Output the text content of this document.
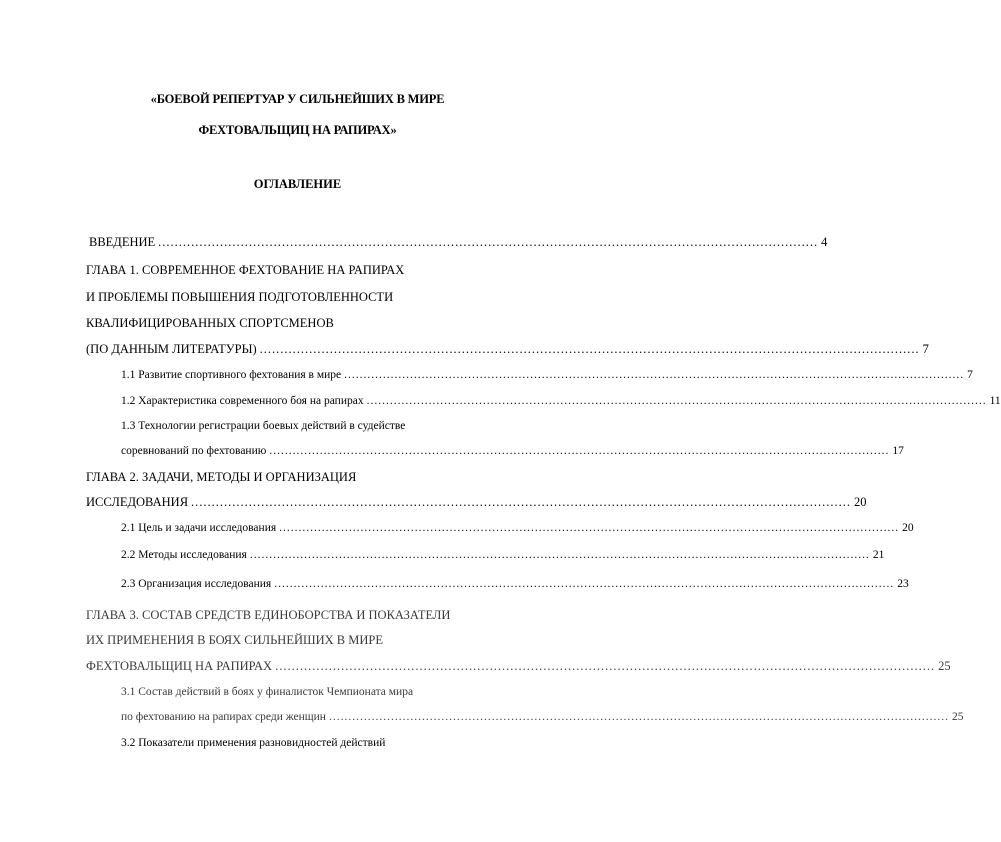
«БОЕВОЙ РЕПЕРТУАР У СИЛЬНЕЙШИХ В МИРЕ
ФЕХТОВАЛЬЩИЦ НА РАПИРАХ»
ОГЛАВЛЕНИЕ
ВВЕДЕНИЕ ................................................................................................................................................................ 4
ГЛАВА 1. СОВРЕМЕННОЕ ФЕХТОВАНИЕ НА РАПИРАХ
И ПРОБЛЕМЫ ПОВЫШЕНИЯ ПОДГОТОВЛЕННОСТИ
КВАЛИФИЦИРОВАННЫХ СПОРТСМЕНОВ
(ПО ДАННЫМ ЛИТЕРАТУРЫ) ................................................................................................................................................................ 7
1.1 Развитие спортивного фехтования в мире ................................................................................................................................................................ 7
1.2 Характеристика современного боя на рапирах ................................................................................................................................................................ 11
1.3 Технологии регистрации боевых действий в судействе
соревнований по фехтованию ................................................................................................................................................................ 17
ГЛАВА 2. ЗАДАЧИ, МЕТОДЫ И ОРГАНИЗАЦИЯ
ИССЛЕДОВАНИЯ ................................................................................................................................................................ 20
2.1 Цель и задачи исследования ................................................................................................................................................................ 20
2.2 Методы исследования ................................................................................................................................................................ 21
2.3 Организация исследования ................................................................................................................................................................ 23
ГЛАВА 3. СОСТАВ СРЕДСТВ ЕДИНОБОРСТВА И ПОКАЗАТЕЛИ
ИХ ПРИМЕНЕНИЯ В БОЯХ СИЛЬНЕЙШИХ В МИРЕ
ФЕХТОВАЛЬЩИЦ НА РАПИРАХ ................................................................................................................................................................ 25
3.1 Состав действий в боях у финалисток Чемпионата мира
по фехтованию на рапирах среди женщин ................................................................................................................................................................ 25
3.2 Показатели применения разновидностей действий
